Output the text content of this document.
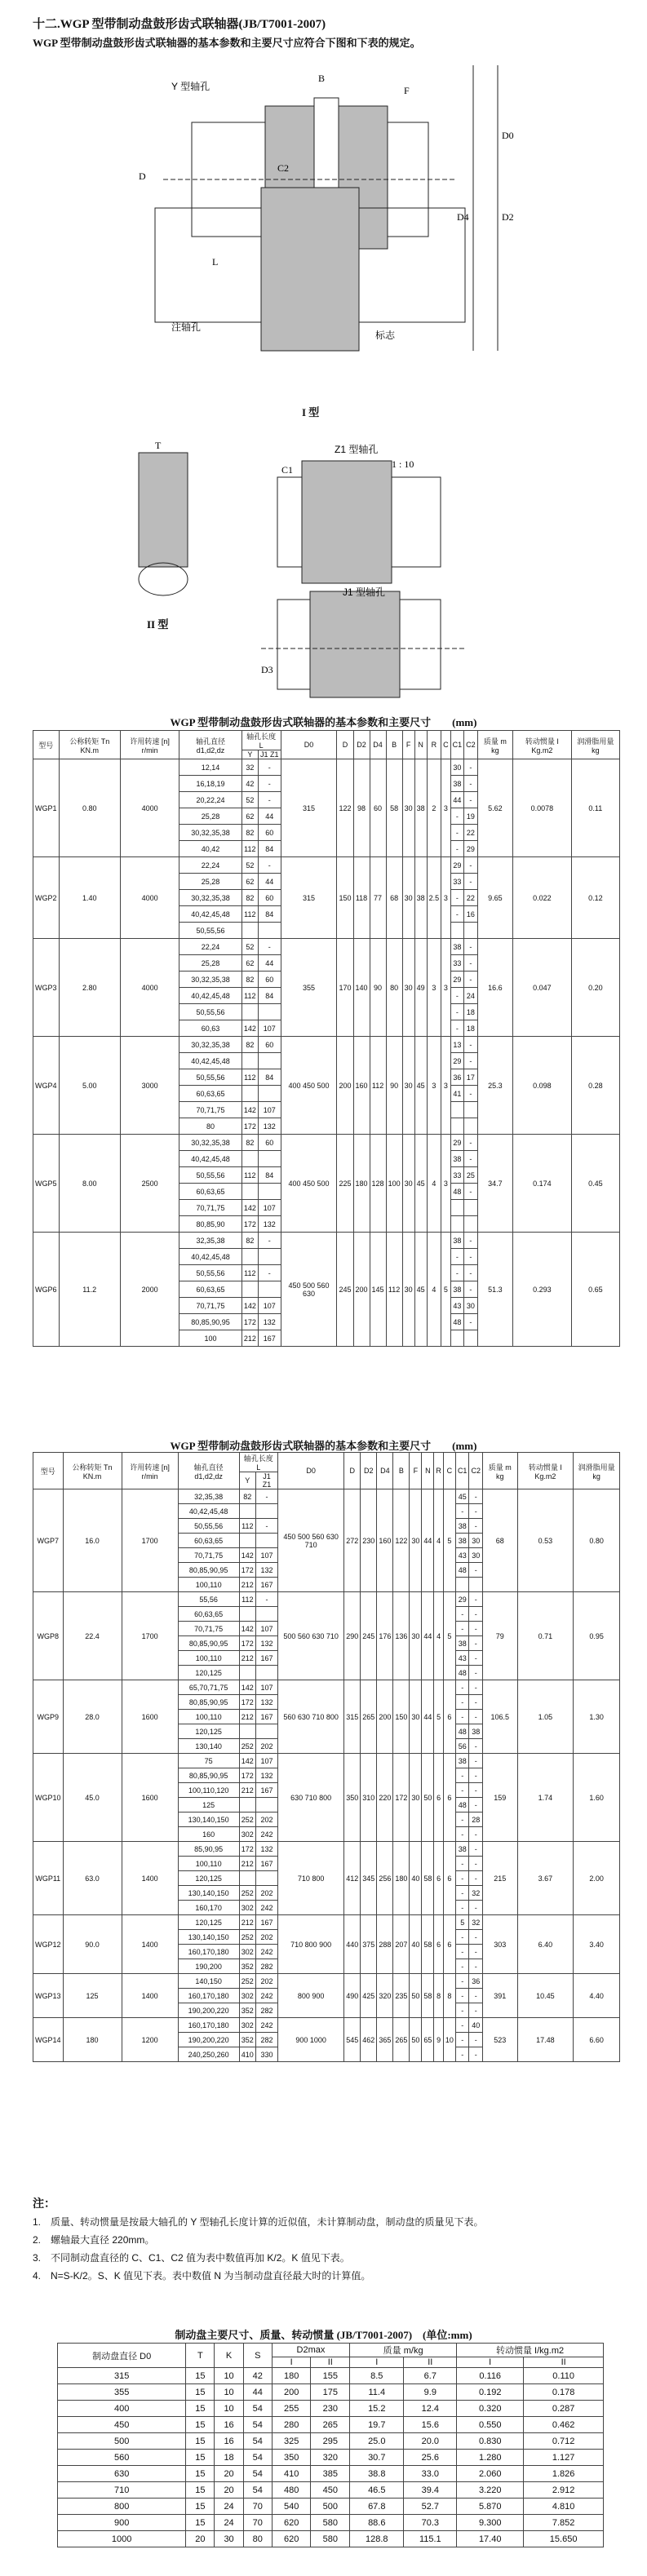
十二.WGP 型带制动盘鼓形齿式联轴器(JB/T7001-2007)
WGP 型带制动盘鼓形齿式联轴器的基本参数和主要尺寸应符合下图和下表的规定。
Y 型轴孔
注轴孔
标志
B
F
C2
L
D
D2
D4
D0
I 型
Z1 型轴孔
1 : 10
C1
J1 型轴孔
T
D3
II 型
WGP 型带制动盘鼓形齿式联轴器的基本参数和主要尺寸　　(mm)
型号	公称转矩 Tn KN.m	许用转速 [n] r/min	轴孔直径 d1,d2,dz	轴孔长度 L		D0	D	D2	D4	B	F	N	R	C	C1	C2	质量 m kg	转动惯量 I Kg.m2	润滑脂用量 kg
				Y	J1 Z1														
WGP1	0.80	4000	12,14	32	-	315	122	98	60	58	30	38	2	3	30	-	5.62	0.0078	0.11
			16,18,19	42	-										38	-			
			20,22,24	52	-										44	-			
			25,28	62	44										-	19			
			30,32,35,38	82	60										-	22			
			40,42	112	84										-	29			
WGP2	1.40	4000	22,24	52	-	315	150	118	77	68	30	38	2.5	3	29	-	9.65	0.022	0.12
			25,28	62	44										33	-			
			30,32,35,38	82	60										-	22			
			40,42,45,48	112	84										-	16			
			50,55,56																
WGP3	2.80	4000	22,24	52	-	355	170	140	90	80	30	49	3	3	38	-	16.6	0.047	0.20
			25,28	62	44										33	-			
			30,32,35,38	82	60										29	-			
			40,42,45,48	112	84										-	24			
			50,55,56												-	18			
			60,63	142	107										-	18			
WGP4	5.00	3000	30,32,35,38	82	60	400 450 500	200	160	112	90	30	45	3	3	13	-	25.3	0.098	0.28
			40,42,45,48												29	-			
			50,55,56	112	84										36	17			
			60,63,65												41	-			
			70,71,75	142	107														
			80	172	132														
WGP5	8.00	2500	30,32,35,38	82	60	400 450 500	225	180	128	100	30	45	4	3	29	-	34.7	0.174	0.45
			40,42,45,48												38	-			
			50,55,56	112	84										33	25			
			60,63,65												48	-			
			70,71,75	142	107														
			80,85,90	172	132														
WGP6	11.2	2000	32,35,38	82	-	450 500 560 630	245	200	145	112	30	45	4	5	38	-	51.3	0.293	0.65
			40,42,45,48												-	-			
			50,55,56	112	-										-	-			
			60,63,65												38	-			
			70,71,75	142	107										43	30			
			80,85,90,95	172	132										48	-			
			100	212	167														
WGP 型带制动盘鼓形齿式联轴器的基本参数和主要尺寸　　(mm)
型号	公称转矩 Tn KN.m	许用转速 [n] r/min	轴孔直径 d1,d2,dz	轴孔长度 L		D0	D	D2	D4	B	F	N	R	C	C1	C2	质量 m kg	转动惯量 I Kg.m2	润滑脂用量 kg
				Y	J1 Z1														
WGP7	16.0	1700	32,35,38	82	-	450 500 560 630 710	272	230	160	122	30	44	4	5	45	-	68	0.53	0.80
			40,42,45,48												-	-			
			50,55,56	112	-										38	-			
			60,63,65												38	30			
			70,71,75	142	107										43	30			
			80,85,90,95	172	132										48	-			
			100,110	212	167														
WGP8	22.4	1700	55,56	112	-	500 560 630 710	290	245	176	136	30	44	4	5	29	-	79	0.71	0.95
			60,63,65												-	-			
			70,71,75	142	107										-	-			
			80,85,90,95	172	132										38	-			
			100,110	212	167										43	-			
			120,125												48	-			
WGP9	28.0	1600	65,70,71,75	142	107	560 630 710 800	315	265	200	150	30	44	5	6	-	-	106.5	1.05	1.30
			80,85,90,95	172	132										-	-			
			100,110	212	167										-	-			
			120,125												48	38			
			130,140	252	202										56	-			
WGP10	45.0	1600	75	142	107	630 710 800	350	310	220	172	30	50	6	6	38	-	159	1.74	1.60
			80,85,90,95	172	132										-	-			
			100,110,120	212	167										-	-			
			125												48	-			
			130,140,150	252	202										-	28			
			160	302	242										-	-			
WGP11	63.0	1400	85,90,95	172	132	710 800	412	345	256	180	40	58	6	6	38	-	215	3.67	2.00
			100,110	212	167										-	-			
			120,125												-	-			
			130,140,150	252	202										-	32			
			160,170	302	242										-	-			
WGP12	90.0	1400	120,125	212	167	710 800 900	440	375	288	207	40	58	6	6	5	32	303	6.40	3.40
			130,140,150	252	202										-	-			
			160,170,180	302	242										-	-			
			190,200	352	282										-	-			
WGP13	125	1400	140,150	252	202	800 900	490	425	320	235	50	58	8	8	-	36	391	10.45	4.40
			160,170,180	302	242										-	-			
			190,200,220	352	282										-	-			
WGP14	180	1200	160,170,180	302	242	900 1000	545	462	365	265	50	65	9	10	-	40	523	17.48	6.60
			190,200,220	352	282										-	-			
			240,250,260	410	330										-	-			
注：
1.　质量、转动惯量是按最大轴孔的 Y 型轴孔长度计算的近似值，未计算制动盘，制动盘的质量见下表。
2.　螺轴最大直径 220mm。
3.　不同制动盘直径的 C、C1、C2 值为表中数值再加 K/2。K 值见下表。
4.　N=S-K/2。S、K 值见下表。表中数值 N 为当制动盘直径最大时的计算值。
制动盘主要尺寸、质量、转动惯量 (JB/T7001-2007)　(单位:mm)
制动盘直径 D0	T	K	S	D2max		质量 m/kg		转动惯量 I/kg.m2	
				I	II	I	II	I	II
315	15	10	42	180	155	8.5	6.7	0.116	0.110
355	15	10	44	200	175	11.4	9.9	0.192	0.178
400	15	10	54	255	230	15.2	12.4	0.320	0.287
450	15	16	54	280	265	19.7	15.6	0.550	0.462
500	15	16	54	325	295	25.0	20.0	0.830	0.712
560	15	18	54	350	320	30.7	25.6	1.280	1.127
630	15	20	54	410	385	38.8	33.0	2.060	1.826
710	15	20	54	480	450	46.5	39.4	3.220	2.912
800	15	24	70	540	500	67.8	52.7	5.870	4.810
900	15	24	70	620	580	88.6	70.3	9.300	7.852
1000	20	30	80	620	580	128.8	115.1	17.40	15.650
